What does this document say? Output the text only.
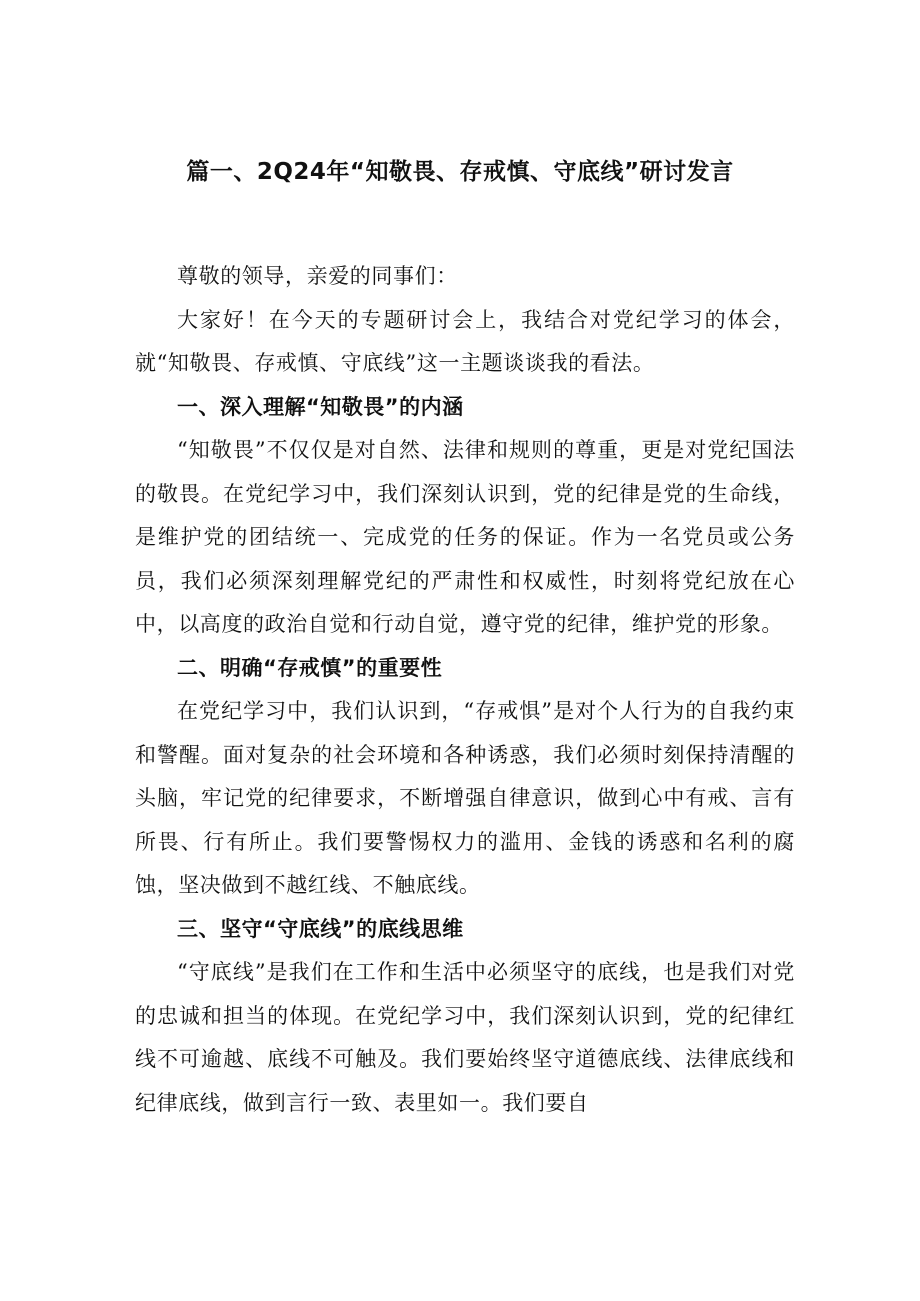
篇一、2Q24年“知敬畏、存戒慎、守底线”研讨发言

尊敬的领导，亲爱的同事们：

大家好！在今天的专题研讨会上，我结合对党纪学习的体会，就“知敬畏、存戒慎、守底线”这一主题谈谈我的看法。

一、深入理解“知敬畏”的内涵

“知敬畏”不仅仅是对自然、法律和规则的尊重，更是对党纪国法的敬畏。在党纪学习中，我们深刻认识到，党的纪律是党的生命线，是维护党的团结统一、完成党的任务的保证。作为一名党员或公务员，我们必须深刻理解党纪的严肃性和权威性，时刻将党纪放在心中，以高度的政治自觉和行动自觉，遵守党的纪律，维护党的形象。

二、明确“存戒慎”的重要性

在党纪学习中，我们认识到，“存戒惧”是对个人行为的自我约束和警醒。面对复杂的社会环境和各种诱惑，我们必须时刻保持清醒的头脑，牢记党的纪律要求，不断增强自律意识，做到心中有戒、言有所畏、行有所止。我们要警惕权力的滥用、金钱的诱惑和名利的腐蚀，坚决做到不越红线、不触底线。

三、坚守“守底线”的底线思维

“守底线”是我们在工作和生活中必须坚守的底线，也是我们对党的忠诚和担当的体现。在党纪学习中，我们深刻认识到，党的纪律红线不可逾越、底线不可触及。我们要始终坚守道德底线、法律底线和纪律底线，做到言行一致、表里如一。我们要自
